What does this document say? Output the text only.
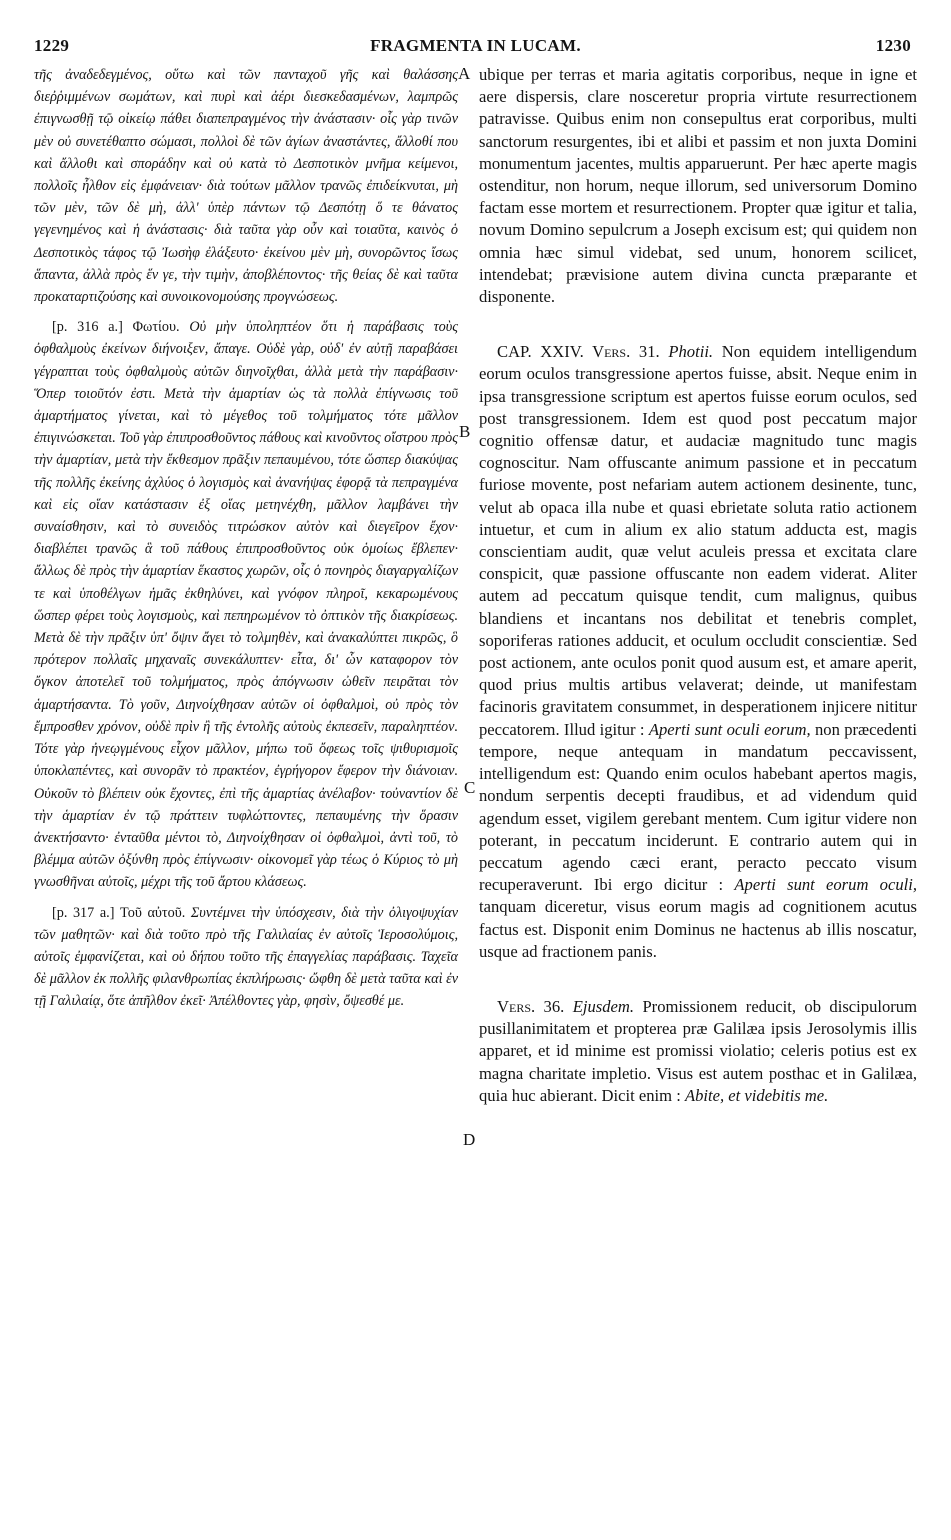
1229	FRAGMENTA IN LUCAM.	1230

τῆς ἀναδεδεγμένος, οὕτω καὶ τῶν πανταχοῦ γῆς καὶ θαλάσσης διεῤῥιμμένων σωμάτων, καὶ πυρὶ καὶ ἀέρι διεσκεδασμένων, λαμπρῶς ἐπιγνωσθῇ τῷ οἰκείῳ πάθει διαπεπραγμένος τὴν ἀνάστασιν· οἷς γὰρ τινῶν μὲν οὐ συνετέθαπτο σώμασι, πολλοὶ δὲ τῶν ἁγίων ἀναστάντες, ἄλλοθί που καὶ ἄλλοθι καὶ σποράδην καὶ οὐ κατὰ τὸ Δεσποτικὸν μνῆμα κείμενοι, πολλοῖς ἦλθον εἰς ἐμφάνειαν· διὰ τούτων μᾶλλον τρανῶς ἐπιδείκνυται, μὴ τῶν μὲν, τῶν δὲ μὴ, ἀλλ' ὑπὲρ πάντων τῷ Δεσπότῃ ὅ τε θάνατος γεγενημένος καὶ ἡ ἀνάστασις· διὰ ταῦτα γὰρ οὖν καὶ τοιαῦτα, καινὸς ὁ Δεσποτικὸς τάφος τῷ Ἰωσὴφ ἐλάξευτο· ἐκείνου μὲν μὴ, συνορῶντος ἴσως ἅπαντα, ἀλλὰ πρὸς ἕν γε, τὴν τιμὴν, ἀποβλέποντος· τῆς θείας δὲ καὶ ταῦτα προκαταρτιζούσης καὶ συνοικονομούσης προγνώσεως.

[p. 316 a.] Φωτίου. Οὐ μὴν ὑποληπτέον ὅτι ἡ παράβασις τοὺς ὀφθαλμοὺς ἐκείνων διήνοιξεν, ἄπαγε. Οὐδὲ γὰρ, οὐδ' ἐν αὐτῇ παραβάσει γέγραπται τοὺς ὀφθαλμοὺς αὐτῶν διηνοῖχθαι, ἀλλὰ μετὰ τὴν παράβασιν· Ὅπερ τοιοῦτόν ἐστι. Μετὰ τὴν ἁμαρτίαν ὡς τὰ πολλὰ ἐπίγνωσις τοῦ ἁμαρτήματος γίνεται, καὶ τὸ μέγεθος τοῦ τολμήματος τότε μᾶλλον ἐπιγινώσκεται. Τοῦ γὰρ ἐπιπροσθοῦντος πάθους καὶ κινοῦντος οἴστρου πρὸς τὴν ἁμαρτίαν, μετὰ τὴν ἔκθεσμον πρᾶξιν πεπαυμένου, τότε ὥσπερ διακύψας τῆς πολλῆς ἐκείνης ἀχλύος ὁ λογισμὸς καὶ ἀνανήψας ἐφορᾷ τὰ πεπραγμένα καὶ εἰς οἵαν κατάστασιν ἐξ οἵας μετηνέχθη, μᾶλλον λαμβάνει τὴν συναίσθησιν, καὶ τὸ συνειδὸς τιτρώσκον αὐτὸν καὶ διεγεῖρον ἔχον· διαβλέπει τρανῶς ἃ τοῦ πάθους ἐπιπροσθοῦντος οὐκ ὁμοίως ἔβλεπεν· ἄλλως δὲ πρὸς τὴν ἁμαρτίαν ἕκαστος χωρῶν, οἷς ὁ πονηρὸς διαγαργαλίζων τε καὶ ὑποθέλγων ἡμᾶς ἐκθηλύνει, καὶ γνόφον πληροῖ, κεκαρωμένους ὥσπερ φέρει τοὺς λογισμοὺς, καὶ πεπηρωμένον τὸ ὀπτικὸν τῆς διακρίσεως. Μετὰ δὲ τὴν πρᾶξιν ὑπ' ὄψιν ἄγει τὸ τολμηθὲν, καὶ ἀνακαλύπτει πικρῶς, ὃ πρότερον πολλαῖς μηχαναῖς συνεκάλυπτεν· εἶτα, δι' ὧν καταφορον τὸν ὄγκον ἀποτελεῖ τοῦ τολμήματος, πρὸς ἀπόγνωσιν ὠθεῖν πειρᾶται τὸν ἁμαρτήσαντα. Τὸ γοῦν, Διηνοίχθησαν αὐτῶν οἱ ὀφθαλμοὶ, οὐ πρὸς τὸν ἔμπροσθεν χρόνον, οὐδὲ πρὶν ἢ τῆς ἐντολῆς αὐτοὺς ἐκπεσεῖν, παραληπτέον. Τότε γὰρ ἠνεῳγμένους εἶχον μᾶλλον, μήπω τοῦ ὄφεως τοῖς ψιθυρισμοῖς ὑποκλαπέντες, καὶ συνορᾶν τὸ πρακτέον, ἐγρήγορον ἔφερον τὴν διάνοιαν. Οὐκοῦν τὸ βλέπειν οὐκ ἔχοντες, ἐπὶ τῆς ἁμαρτίας ἀνέλαβον· τοὐναντίον δὲ τὴν ἁμαρτίαν ἐν τῷ πράττειν τυφλώττοντες, πεπαυμένης τὴν ὅρασιν ἀνεκτήσαντο· ἐνταῦθα μέντοι τὸ, Διηνοίχθησαν οἱ ὀφθαλμοὶ, ἀντὶ τοῦ, τὸ βλέμμα αὐτῶν ὀξύνθη πρὸς ἐπίγνωσιν· οἰκονομεῖ γὰρ τέως ὁ Κύριος τὸ μὴ γνωσθῆναι αὐτοῖς, μέχρι τῆς τοῦ ἄρτου κλάσεως.

[p. 317 a.] Τοῦ αὐτοῦ. Συντέμνει τὴν ὑπόσχεσιν, διὰ τὴν ὀλιγοψυχίαν τῶν μαθητῶν· καὶ διὰ τοῦτο πρὸ τῆς Γαλιλαίας ἐν αὐτοῖς Ἱεροσολύμοις, αὐτοῖς ἐμφανίζεται, καὶ οὐ δήπου τοῦτο τῆς ἐπαγγελίας παράβασις. Ταχεῖα δὲ μᾶλλον ἐκ πολλῆς φιλανθρωπίας ἐκπλήρωσις· ὤφθη δὲ μετὰ ταῦτα καὶ ἐν τῇ Γαλιλαίᾳ, ὅτε ἀπῆλθον ἐκεῖ· Ἀπέλθοντες γὰρ, φησὶν, ὄψεσθέ με.

A
B
C
D

ubique per terras et maria agitatis corporibus, neque in igne et aere dispersis, clare nosceretur propria virtute resurrectionem patravisse. Quibus enim non consepultus erat corporibus, multi sanctorum resurgentes, ibi et alibi et passim et non juxta Domini monumentum jacentes, multis apparuerunt. Per hæc aperte magis ostenditur, non horum, neque illorum, sed universorum Domino factam esse mortem et resurrectionem. Propter quæ igitur et talia, novum Domino sepulcrum a Joseph excisum est; qui quidem non omnia hæc simul videbat, sed unum, honorem scilicet, intendebat; prævisione autem divina cuncta præparante et disponente.

CAP. XXIV. Vers. 31. Photii. Non equidem intelligendum eorum oculos transgressione apertos fuisse, absit. Neque enim in ipsa transgressione scriptum est apertos fuisse eorum oculos, sed post transgressionem. Idem est quod post peccatum major cognitio offensæ datur, et audaciæ magnitudo tunc magis cognoscitur. Nam offuscante animum passione et in peccatum furiose movente, post nefariam autem actionem desinente, tunc, velut ab opaca illa nube et quasi ebrietate soluta ratio actionem intuetur, et cum in alium ex alio statum adducta est, magis conscientiam audit, quæ velut aculeis pressa et excitata clare conspicit, quæ passione offuscante non eadem viderat. Aliter autem ad peccatum quisque tendit, cum malignus, quibus blandiens et incantans nos debilitat et tenebris complet, soporiferas rationes adducit, et oculum occludit conscientiæ. Sed post actionem, ante oculos ponit quod ausum est, et amare aperit, quod prius multis artibus velaverat; deinde, ut manifestam facinoris gravitatem consummet, in desperationem injicere nititur peccatorem. Illud igitur : Aperti sunt oculi eorum, non præcedenti tempore, neque antequam in mandatum peccavissent, intelligendum est: Quando enim oculos habebant apertos magis, nondum serpentis decepti fraudibus, et ad videndum quid agendum esset, vigilem gerebant mentem. Cum igitur videre non poterant, in peccatum inciderunt. E contrario autem qui in peccatum agendo cæci erant, peracto peccato visum recuperaverunt. Ibi ergo dicitur : Aperti sunt eorum oculi, tanquam diceretur, visus eorum magis ad cognitionem acutus factus est. Disponit enim Dominus ne hactenus ab illis noscatur, usque ad fractionem panis.

Vers. 36. Ejusdem. Promissionem reducit, ob discipulorum pusillanimitatem et propterea præ Galilæa ipsis Jerosolymis illis apparet, et id minime est promissi violatio; celeris potius est ex magna charitate impletio. Visus est autem posthac et in Galilæa, quia huc abierant. Dicit enim : Abite, et videbitis me.
